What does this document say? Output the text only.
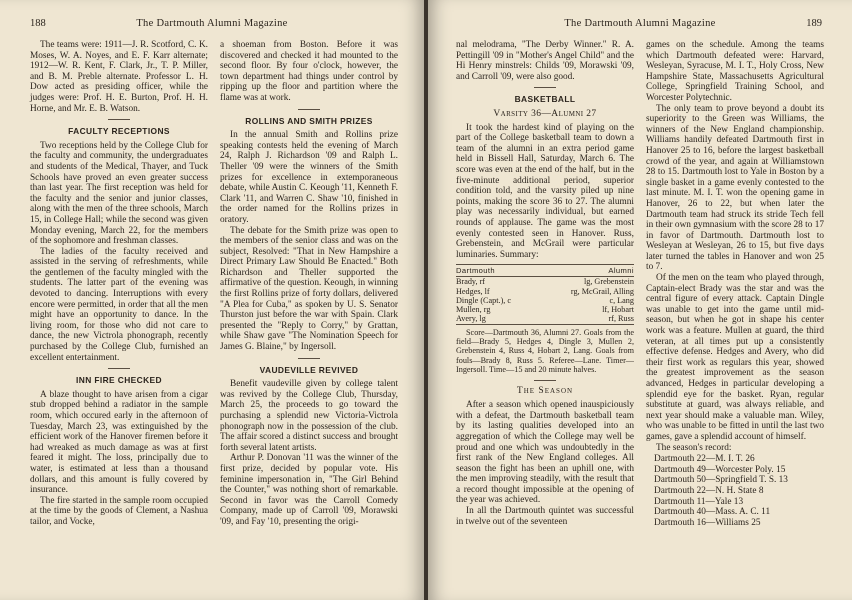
188	The Dartmouth Alumni Magazine

The teams were: 1911—J. R. Scotford, C. K. Moses, W. A. Noyes, and E. F. Karr alternate; 1912—W. R. Kent, F. Clark, Jr., T. P. Miller, and B. M. Preble alternate. Professor L. H. Dow acted as presiding officer, while the judges were: Prof. H. E. Burton, Prof. H. H. Horne, and Mr. E. B. Watson.

FACULTY RECEPTIONS

Two receptions held by the College Club for the faculty and community, the undergraduates and students of the Medical, Thayer, and Tuck Schools have proved an even greater success than last year. The first reception was held for the faculty and the senior and junior classes, along with the men of the three schools, March 15, in College Hall; while the second was given Monday evening, March 22, for the members of the sophomore and freshman classes.

The ladies of the faculty received and assisted in the serving of refreshments, while the gentlemen of the faculty mingled with the students. The latter part of the evening was devoted to dancing. Interruptions with every encore were permitted, in order that all the men might have an opportunity to dance. In the living room, for those who did not care to dance, the new Victrola phonograph, recently purchased by the College Club, furnished an excellent entertainment.

INN FIRE CHECKED

A blaze thought to have arisen from a cigar stub dropped behind a radiator in the sample room, which occured early in the afternoon of Tuesday, March 23, was extinguished by the efficient work of the Hanover firemen before it had wreaked as much damage as was at first feared it might. The loss, principally due to water, is estimated at less than a thousand dollars, and this amount is fully covered by insurance.

The fire started in the sample room occupied at the time by the goods of Clement, a Nashua tailor, and Vocke,

a shoeman from Boston. Before it was discovered and checked it had mounted to the second floor. By four o'clock, however, the town department had things under control by ripping up the floor and partition where the flame was at work.

ROLLINS AND SMITH PRIZES

In the annual Smith and Rollins prize speaking contests held the evening of March 24, Ralph J. Richardson '09 and Ralph L. Theller '09 were the winners of the Smith prizes for excellence in extemporaneous debate, while Austin C. Keough '11, Kenneth F. Clark '11, and Warren C. Shaw '10, finished in the order named for the Rollins prizes in oratory.

The debate for the Smith prize was open to the members of the senior class and was on the subject, Resolved: "That in New Hampshire a Direct Primary Law Should Be Enacted." Both Richardson and Theller supported the affirmative of the question. Keough, in winning the first Rollins prize of forty dollars, delivered "A Plea for Cuba," as spoken by U. S. Senator Thurston just before the war with Spain. Clark presented the "Reply to Corry," by Grattan, while Shaw gave "The Nomination Speech for James G. Blaine," by Ingersoll.

VAUDEVILLE REVIVED

Benefit vaudeville given by college talent was revived by the College Club, Thursday, March 25, the proceeds to go toward the purchasing a splendid new Victoria-Victrola phonograph now in the possession of the club. The affair scored a distinct success and brought forth several latent artists.

Arthur P. Donovan '11 was the winner of the first prize, decided by popular vote. His feminine impersonation in, "The Girl Behind the Counter," was nothing short of remarkable. Second in favor was the Carroll Comedy Company, made up of Carroll '09, Morawski '09, and Fay '10, presenting the origi-

The Dartmouth Alumni Magazine	189

nal melodrama, "The Derby Winner." R. A. Pettingill '09 in "Mother's Angel Child" and the Hi Henry minstrels: Childs '09, Morawski '09, and Carroll '09, were also good.

BASKETBALL
Varsity 36—Alumni 27

It took the hardest kind of playing on the part of the College basketball team to down a team of the alumni in an extra period game held in Bissell Hall, Saturday, March 6. The score was even at the end of the half, but in the five-minute additional period, superior condition told, and the varsity piled up nine points, making the score 36 to 27. The alumni play was necessarily individual, but earned rounds of applause. The game was the most evenly contested seen in Hanover. Russ, Grebenstein, and McGrail were particular luminaries. Summary:

Dartmouth		Alumni
Brady, rf		lg, Grebenstein
Hedges, lf		rg, McGrail, Alling
Dingle (Capt.), c		c, Lang
Mullen, rg		lf, Hobart
Avery, lg		rf, Russ

Score—Dartmouth 36, Alumni 27. Goals from the field—Brady 5, Hedges 4, Dingle 3, Mullen 2, Grebenstein 4, Russ 4, Hobart 2, Lang. Goals from fouls—Brady 8, Russ 5. Referee—Lane. Timer—Ingersoll. Time—15 and 20 minute halves.

The Season

After a season which opened inauspiciously with a defeat, the Dartmouth basketball team by its lasting qualities developed into an aggregation of which the College may well be proud and one which was undoubtedly in the first rank of the New England colleges. All season the fight has been an uphill one, with the men improving steadily, with the result that a record thought impossible at the opening of the year was achieved.

In all the Dartmouth quintet was successful in twelve out of the seventeen

games on the schedule. Among the teams which Dartmouth defeated were: Harvard, Wesleyan, Syracuse, M. I. T., Holy Cross, New Hampshire State, Massachusetts Agricultural College, Springfield Training School, and Worcester Polytechnic.

The only team to prove beyond a doubt its superiority to the Green was Williams, the winners of the New England championship. Williams handily defeated Dartmouth first in Hanover 25 to 16, before the largest basketball crowd of the year, and again at Williamstown 28 to 15. Dartmouth lost to Yale in Boston by a single basket in a game evenly contested to the last minute. M. I. T. won the opening game in Hanover, 26 to 22, but when later the Dartmouth team had struck its stride Tech fell in their own gymnasium with the score 28 to 17 in favor of Dartmouth. Dartmouth lost to Wesleyan at Wesleyan, 26 to 15, but five days later turned the tables in Hanover and won 25 to 7.

Of the men on the team who played through, Captain-elect Brady was the star and was the central figure of every attack. Captain Dingle was unable to get into the game until mid-season, but when he got in shape his center work was a feature. Mullen at guard, the third veteran, at all times put up a consistently effective defense. Hedges and Avery, who did their first work as regulars this year, showed the greatest improvement as the season advanced, Hedges in particular developing a splendid eye for the basket. Ryan, regular substitute at guard, was always reliable, and next year should make a valuable man. Wiley, who was unable to be fitted in until the last two games, gave a splendid account of himself.

The season's record:

Dartmouth 22—M. I. T. 26
Dartmouth 49—Worcester Poly. 15
Dartmouth 50—Springfield T. S. 13
Dartmouth 22—N. H. State 8
Dartmouth 11—Yale 13
Dartmouth 40—Mass. A. C. 11
Dartmouth 16—Williams 25
